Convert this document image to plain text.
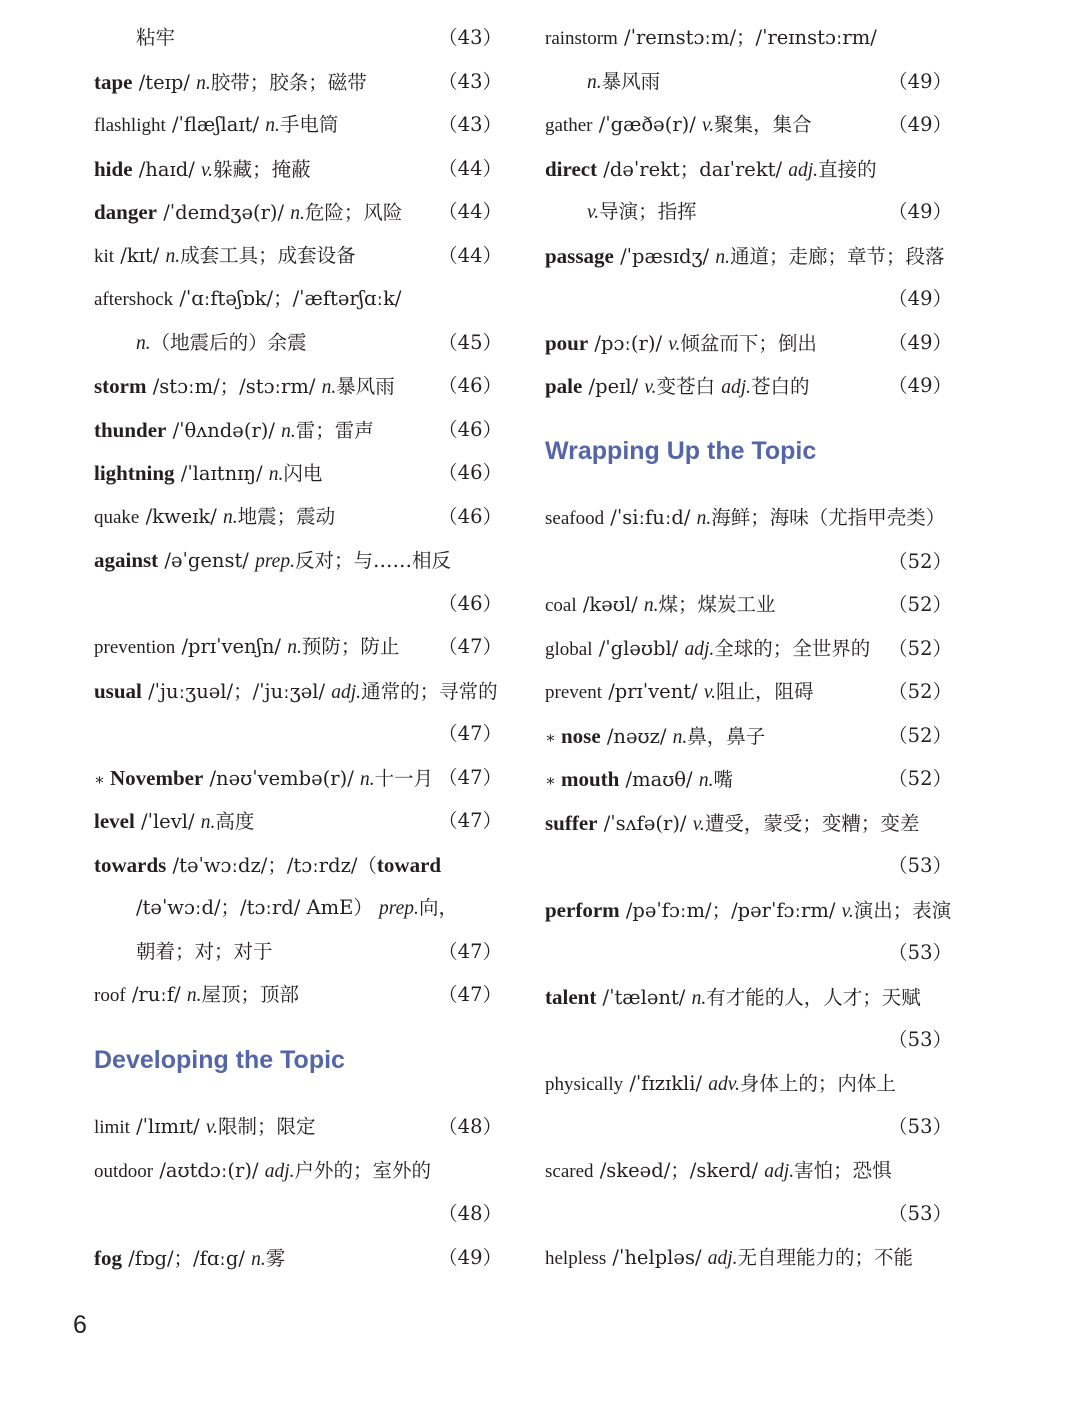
粘牢	（43）
tape /teɪp/ n.胶带；胶条；磁带	（43）
flashlight /ˈflæʃlaɪt/ n.手电筒	（43）
hide /haɪd/ v.躲藏；掩蔽	（44）
danger /ˈdeɪndʒə(r)/ n.危险；风险 （44）
kit /kɪt/ n.成套工具；成套设备	（44）
aftershock /ˈɑːftəʃɒk/；/ˈæftərʃɑːk/
n.（地震后的）余震	（45）
storm /stɔːm/；/stɔːrm/ n.暴风雨 （46）
thunder /ˈθʌndə(r)/ n.雷；雷声	（46）
lightning /ˈlaɪtnɪŋ/ n.闪电	（46）
quake /kweɪk/ n.地震；震动	（46）
against /əˈgenst/ prep.反对；与……相反
（46）
prevention /prɪˈvenʃn/ n.预防；防止 （47）
usual /ˈjuːʒuəl/；/ˈjuːʒəl/ adj.通常的；寻常的
（47）
∗ November /nəʊˈvembə(r)/ n.十一月 （47）
level /ˈlevl/ n.高度	（47）
towards /təˈwɔːdz/；/tɔːrdz/（toward
/təˈwɔːd/；/tɔːrd/ AmE） prep.向，
朝着；对；对于	（47）
roof /ruːf/ n.屋顶；顶部	（47）
limit /ˈlɪmɪt/ v.限制；限定	（48）
outdoor /aʊtdɔː(r)/ adj.户外的；室外的
（48）
fog /fɒg/；/fɑːg/ n.雾	（49）
rainstorm /ˈreɪnstɔːm/；/ˈreɪnstɔːrm/
n.暴风雨	（49）
gather /ˈgæðə(r)/ v.聚集，集合	（49）
direct /dəˈrekt；daɪˈrekt/ adj.直接的
v.导演；指挥	（49）
passage /ˈpæsɪdʒ/ n.通道；走廊；章节；段落
（49）
pour /pɔː(r)/ v.倾盆而下；倒出	（49）
pale /peɪl/ v.变苍白 adj.苍白的	（49）
seafood /ˈsiːfuːd/ n.海鲜；海味（尤指甲壳类）
（52）
coal /kəʊl/ n.煤；煤炭工业	（52）
global /ˈgləʊbl/ adj.全球的；全世界的 （52）
prevent /prɪˈvent/ v.阻止，阻碍	（52）
∗ nose /nəʊz/ n.鼻，鼻子	（52）
∗ mouth /maʊθ/ n.嘴	（52）
suffer /ˈsʌfə(r)/ v.遭受，蒙受；变糟；变差
（53）
perform /pəˈfɔːm/；/pərˈfɔːrm/ v.演出；表演
（53）
talent /ˈtælənt/ n.有才能的人，人才；天赋
（53）
physically /ˈfɪzɪkli/ adv.身体上的；内体上
（53）
scared /skeəd/；/skerd/ adj.害怕；恐惧
（53）
helpless /ˈhelpləs/ adj.无自理能力的；不能
Developing the Topic
Wrapping Up the Topic
6
